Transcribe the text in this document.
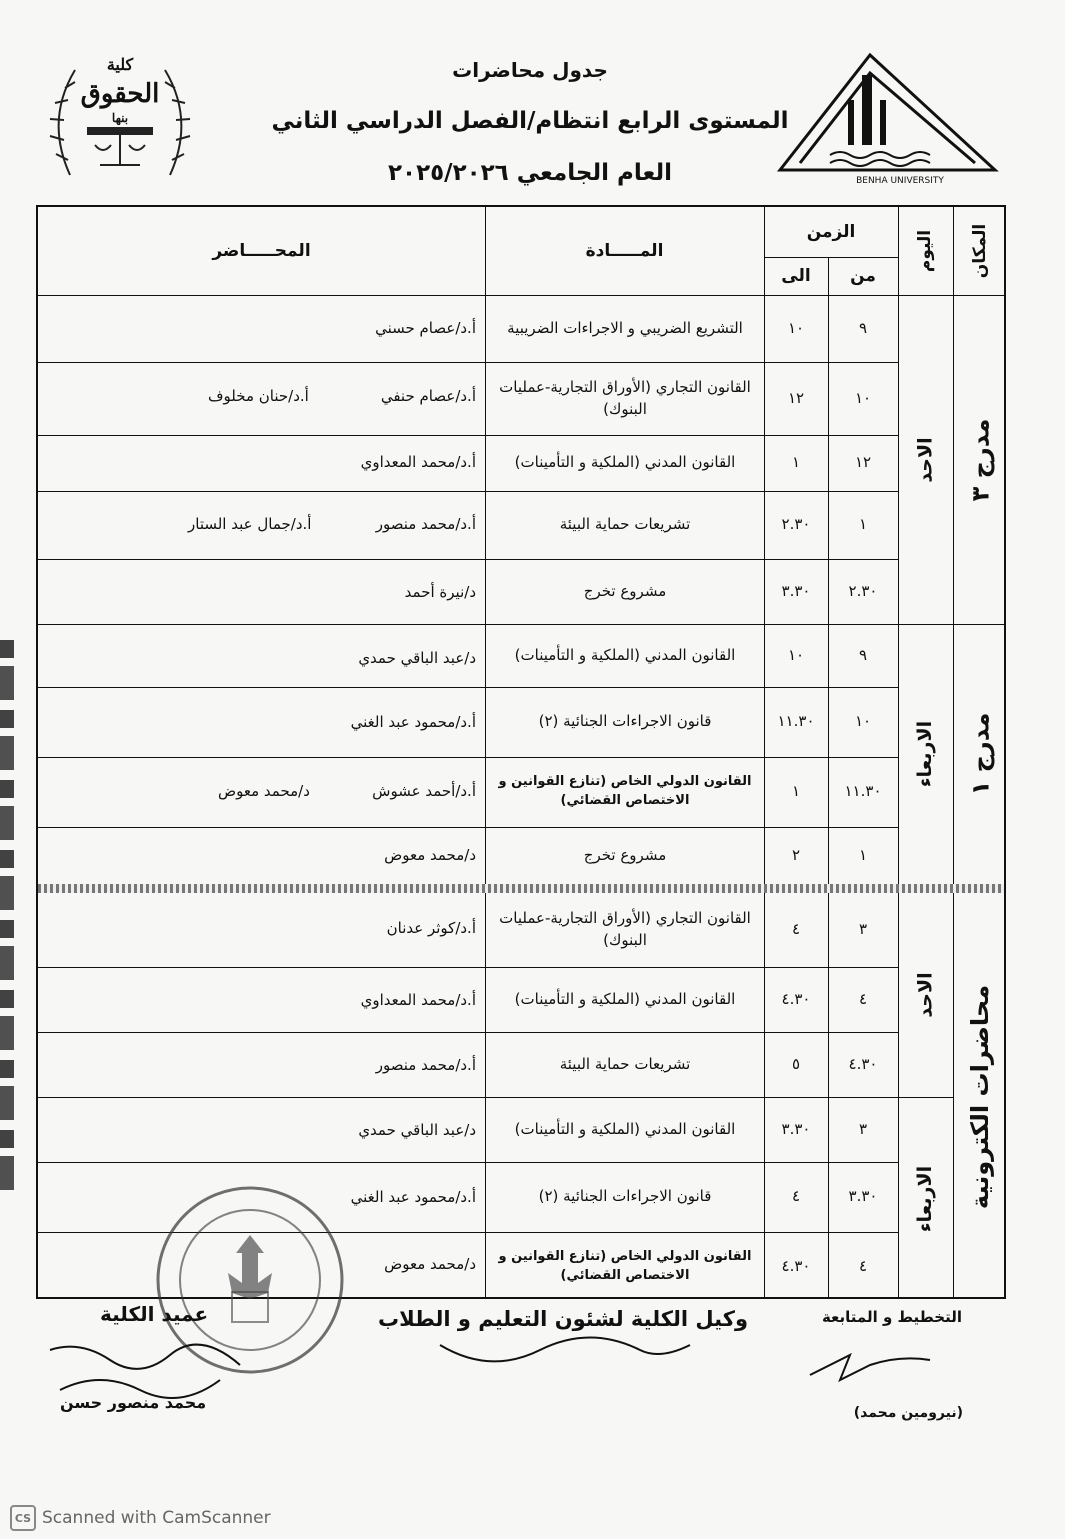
كلية
الحقوق
بنها
BENHA UNIVERSITY
جدول محاضرات
المستوى الرابع انتظام/الفصل الدراسي الثاني
العام الجامعي ٢٠٢٥/٢٠٢٦
المحـــــاضر	المـــــادة
الزمن
من
الى
اليوم المكان
مدرج ٣
مدرج ١
محاضرات الكترونية
الاحد
الاربعاء
الاحد
الاربعاء
٩
١٠
التشريع الضريبي و الاجراءات الضريبية
أ.د/عصام حسني
١٠
١٢
القانون التجاري (الأوراق التجارية-عمليات البنوك)
أ.د/عصام حنفي
أ.د/حنان مخلوف
١٢
١
القانون المدني (الملكية و التأمينات)
أ.د/محمد المعداوي
١
٢.٣٠
تشريعات حماية البيئة
أ.د/محمد منصور
أ.د/جمال عبد الستار
٢.٣٠
٣.٣٠
مشروع تخرج
د/نيرة أحمد
٩
١٠
القانون المدني (الملكية و التأمينات)
د/عبد الباقي حمدي
١٠
١١.٣٠
قانون الاجراءات الجنائية (٢)
أ.د/محمود عبد الغني
١١.٣٠
١
القانون الدولي الخاص (تنازع القوانين و الاختصاص القضائي)
أ.د/أحمد عشوش
د/محمد معوض
١
٢
مشروع تخرج
د/محمد معوض
٣
٤
القانون التجاري (الأوراق التجارية-عمليات البنوك)
أ.د/كوثر عدنان
٤
٤.٣٠
القانون المدني (الملكية و التأمينات)
أ.د/محمد المعداوي
٤.٣٠
٥
تشريعات حماية البيئة
أ.د/محمد منصور
٣
٣.٣٠
القانون المدني (الملكية و التأمينات)
د/عبد الباقي حمدي
٣.٣٠
٤
قانون الاجراءات الجنائية (٢)
أ.د/محمود عبد الغني
٤
٤.٣٠
القانون الدولي الخاص (تنازع القوانين و الاختصاص القضائي)
د/محمد معوض
التخطيط و المتابعة
وكيل الكلية لشئون التعليم و الطلاب
عميد الكلية
(نيرومين محمد)
محمد منصور حسن
CS Scanned with CamScanner
